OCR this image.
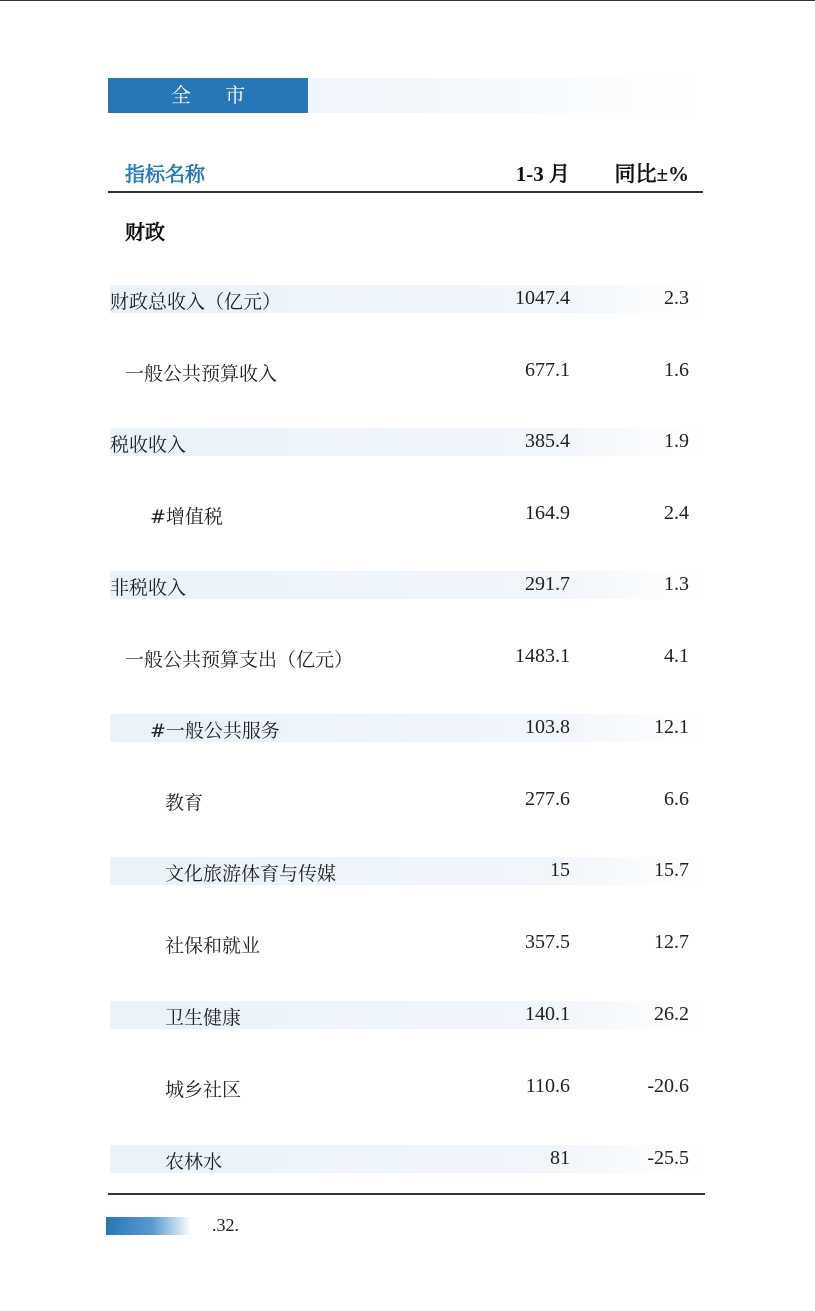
全 市
指标名称	1-3 月 同比±%
财政
财政总收入（亿元）	1047.4	2.3
一般公共预算收入	677.1	1.6
税收收入	385.4	1.9
#增值税	164.9	2.4
非税收入	291.7	1.3
一般公共预算支出（亿元）	1483.1	4.1
#一般公共服务	103.8	12.1
教育	277.6	6.6
文化旅游体育与传媒	15	15.7
社保和就业	357.5	12.7
卫生健康	140.1	26.2
城乡社区	110.6	-20.6
农林水	81	-25.5
.32.
